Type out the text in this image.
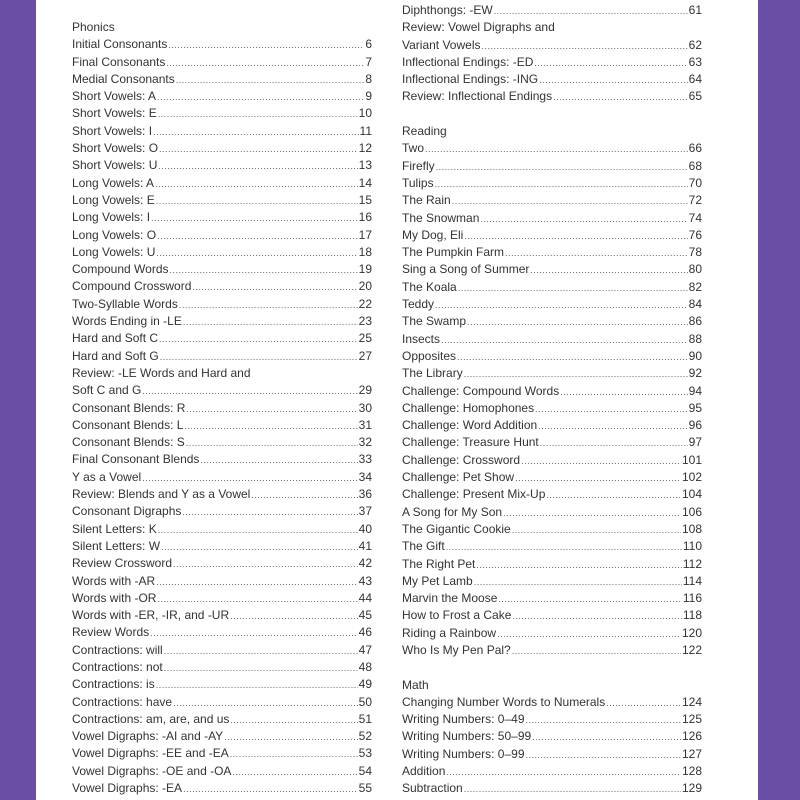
Phonics
Initial Consonants .....	6
Final Consonants .....	7
Medial Consonants .....	8
Short Vowels: A .....	9
Short Vowels: E .....	10
Short Vowels: I .....	11
Short Vowels: O .....	12
Short Vowels: U .....	13
Long Vowels: A .....	14
Long Vowels: E .....	15
Long Vowels: I .....	16
Long Vowels: O .....	17
Long Vowels: U .....	18
Compound Words .....	19
Compound Crossword .....	20
Two-Syllable Words .....	22
Words Ending in -LE .....	23
Hard and Soft C .....	25
Hard and Soft G .....	27
Review: -LE Words and Hard and
Soft C and G .....	29
Consonant Blends: R .....	30
Consonant Blends: L .....	31
Consonant Blends: S .....	32
Final Consonant Blends .....	33
Y as a Vowel .....	34
Review: Blends and Y as a Vowel .....	36
Consonant Digraphs .....	37
Silent Letters: K .....	40
Silent Letters: W .....	41
Review Crossword .....	42
Words with -AR .....	43
Words with -OR .....	44
Words with -ER, -IR, and -UR .....	45
Review Words .....	46
Contractions: will .....	47
Contractions: not .....	48
Contractions: is .....	49
Contractions: have .....	50
Contractions: am, are, and us .....	51
Vowel Digraphs: -AI and -AY .....	52
Vowel Digraphs: -EE and -EA .....	53
Vowel Digraphs: -OE and -OA .....	54
Vowel Digraphs: -EA .....	55
Diphthongs: -EW .....	61
Review: Vowel Digraphs and
Variant Vowels .....	62
Inflectional Endings: -ED .....	63
Inflectional Endings: -ING .....	64
Review: Inflectional Endings .....	65
Reading
Two .....	66
Firefly .....	68
Tulips .....	70
The Rain .....	72
The Snowman .....	74
My Dog, Eli .....	76
The Pumpkin Farm .....	78
Sing a Song of Summer .....	80
The Koala .....	82
Teddy .....	84
The Swamp .....	86
Insects .....	88
Opposites .....	90
The Library .....	92
Challenge: Compound Words .....	94
Challenge: Homophones .....	95
Challenge: Word Addition .....	96
Challenge: Treasure Hunt .....	97
Challenge: Crossword .....	101
Challenge: Pet Show .....	102
Challenge: Present Mix-Up .....	104
A Song for My Son .....	106
The Gigantic Cookie .....	108
The Gift .....	110
The Right Pet .....	112
My Pet Lamb .....	114
Marvin the Moose .....	116
How to Frost a Cake .....	118
Riding a Rainbow .....	120
Who Is My Pen Pal? .....	122
Math
Changing Number Words to Numerals .....	124
Writing Numbers: 0–49 .....	125
Writing Numbers: 50–99 .....	126
Writing Numbers: 0–99 .....	127
Addition .....	128
Subtraction .....	129
